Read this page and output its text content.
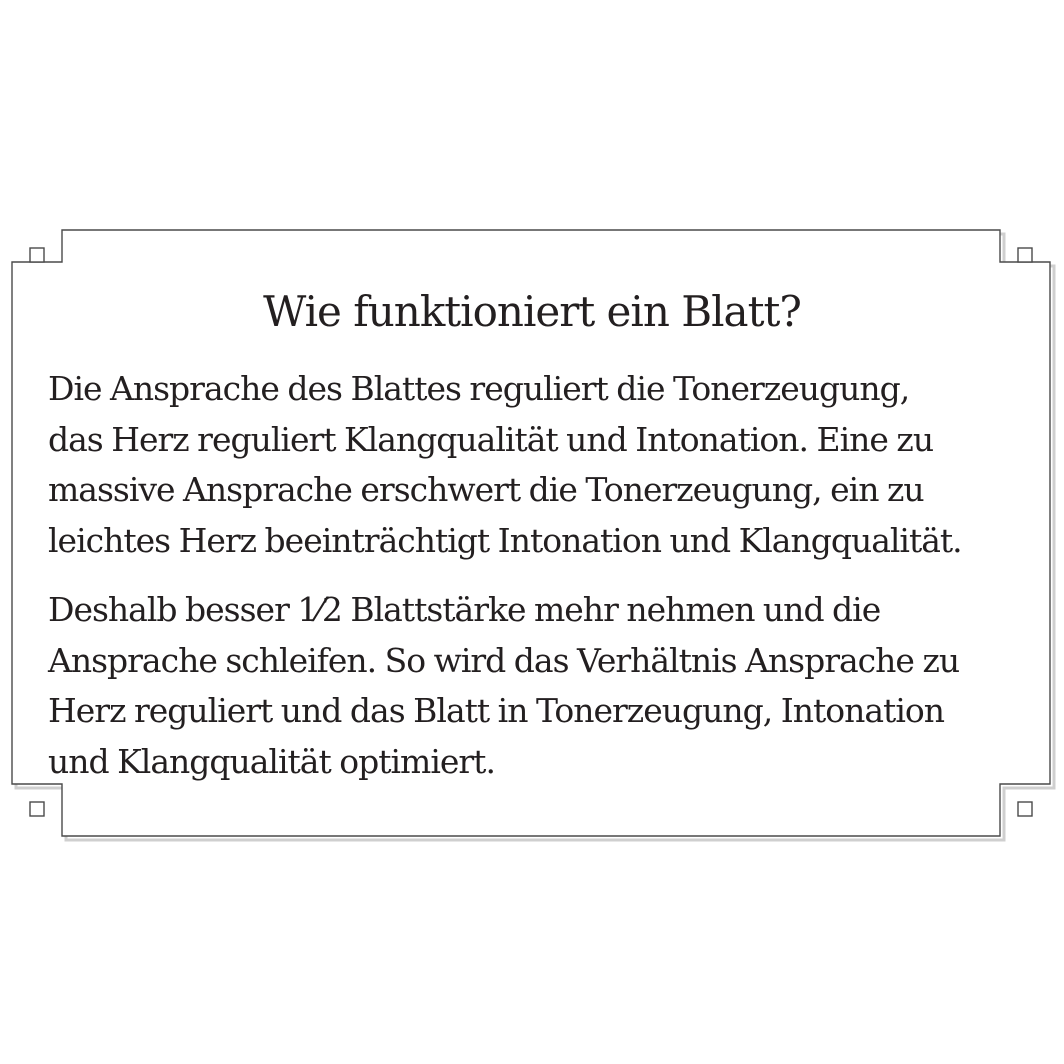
Wie funktioniert ein Blatt?

Die Ansprache des Blattes reguliert die Tonerzeugung,
das Herz reguliert Klangqualität und Intonation. Eine zu
massive Ansprache erschwert die Tonerzeugung, ein zu
leichtes Herz beeinträchtigt Intonation und Klangqualität.

Deshalb besser 1⁄2 Blattstärke mehr nehmen und die
Ansprache schleifen. So wird das Verhältnis Ansprache zu
Herz reguliert und das Blatt in Tonerzeugung, Intonation
und Klangqualität optimiert.
